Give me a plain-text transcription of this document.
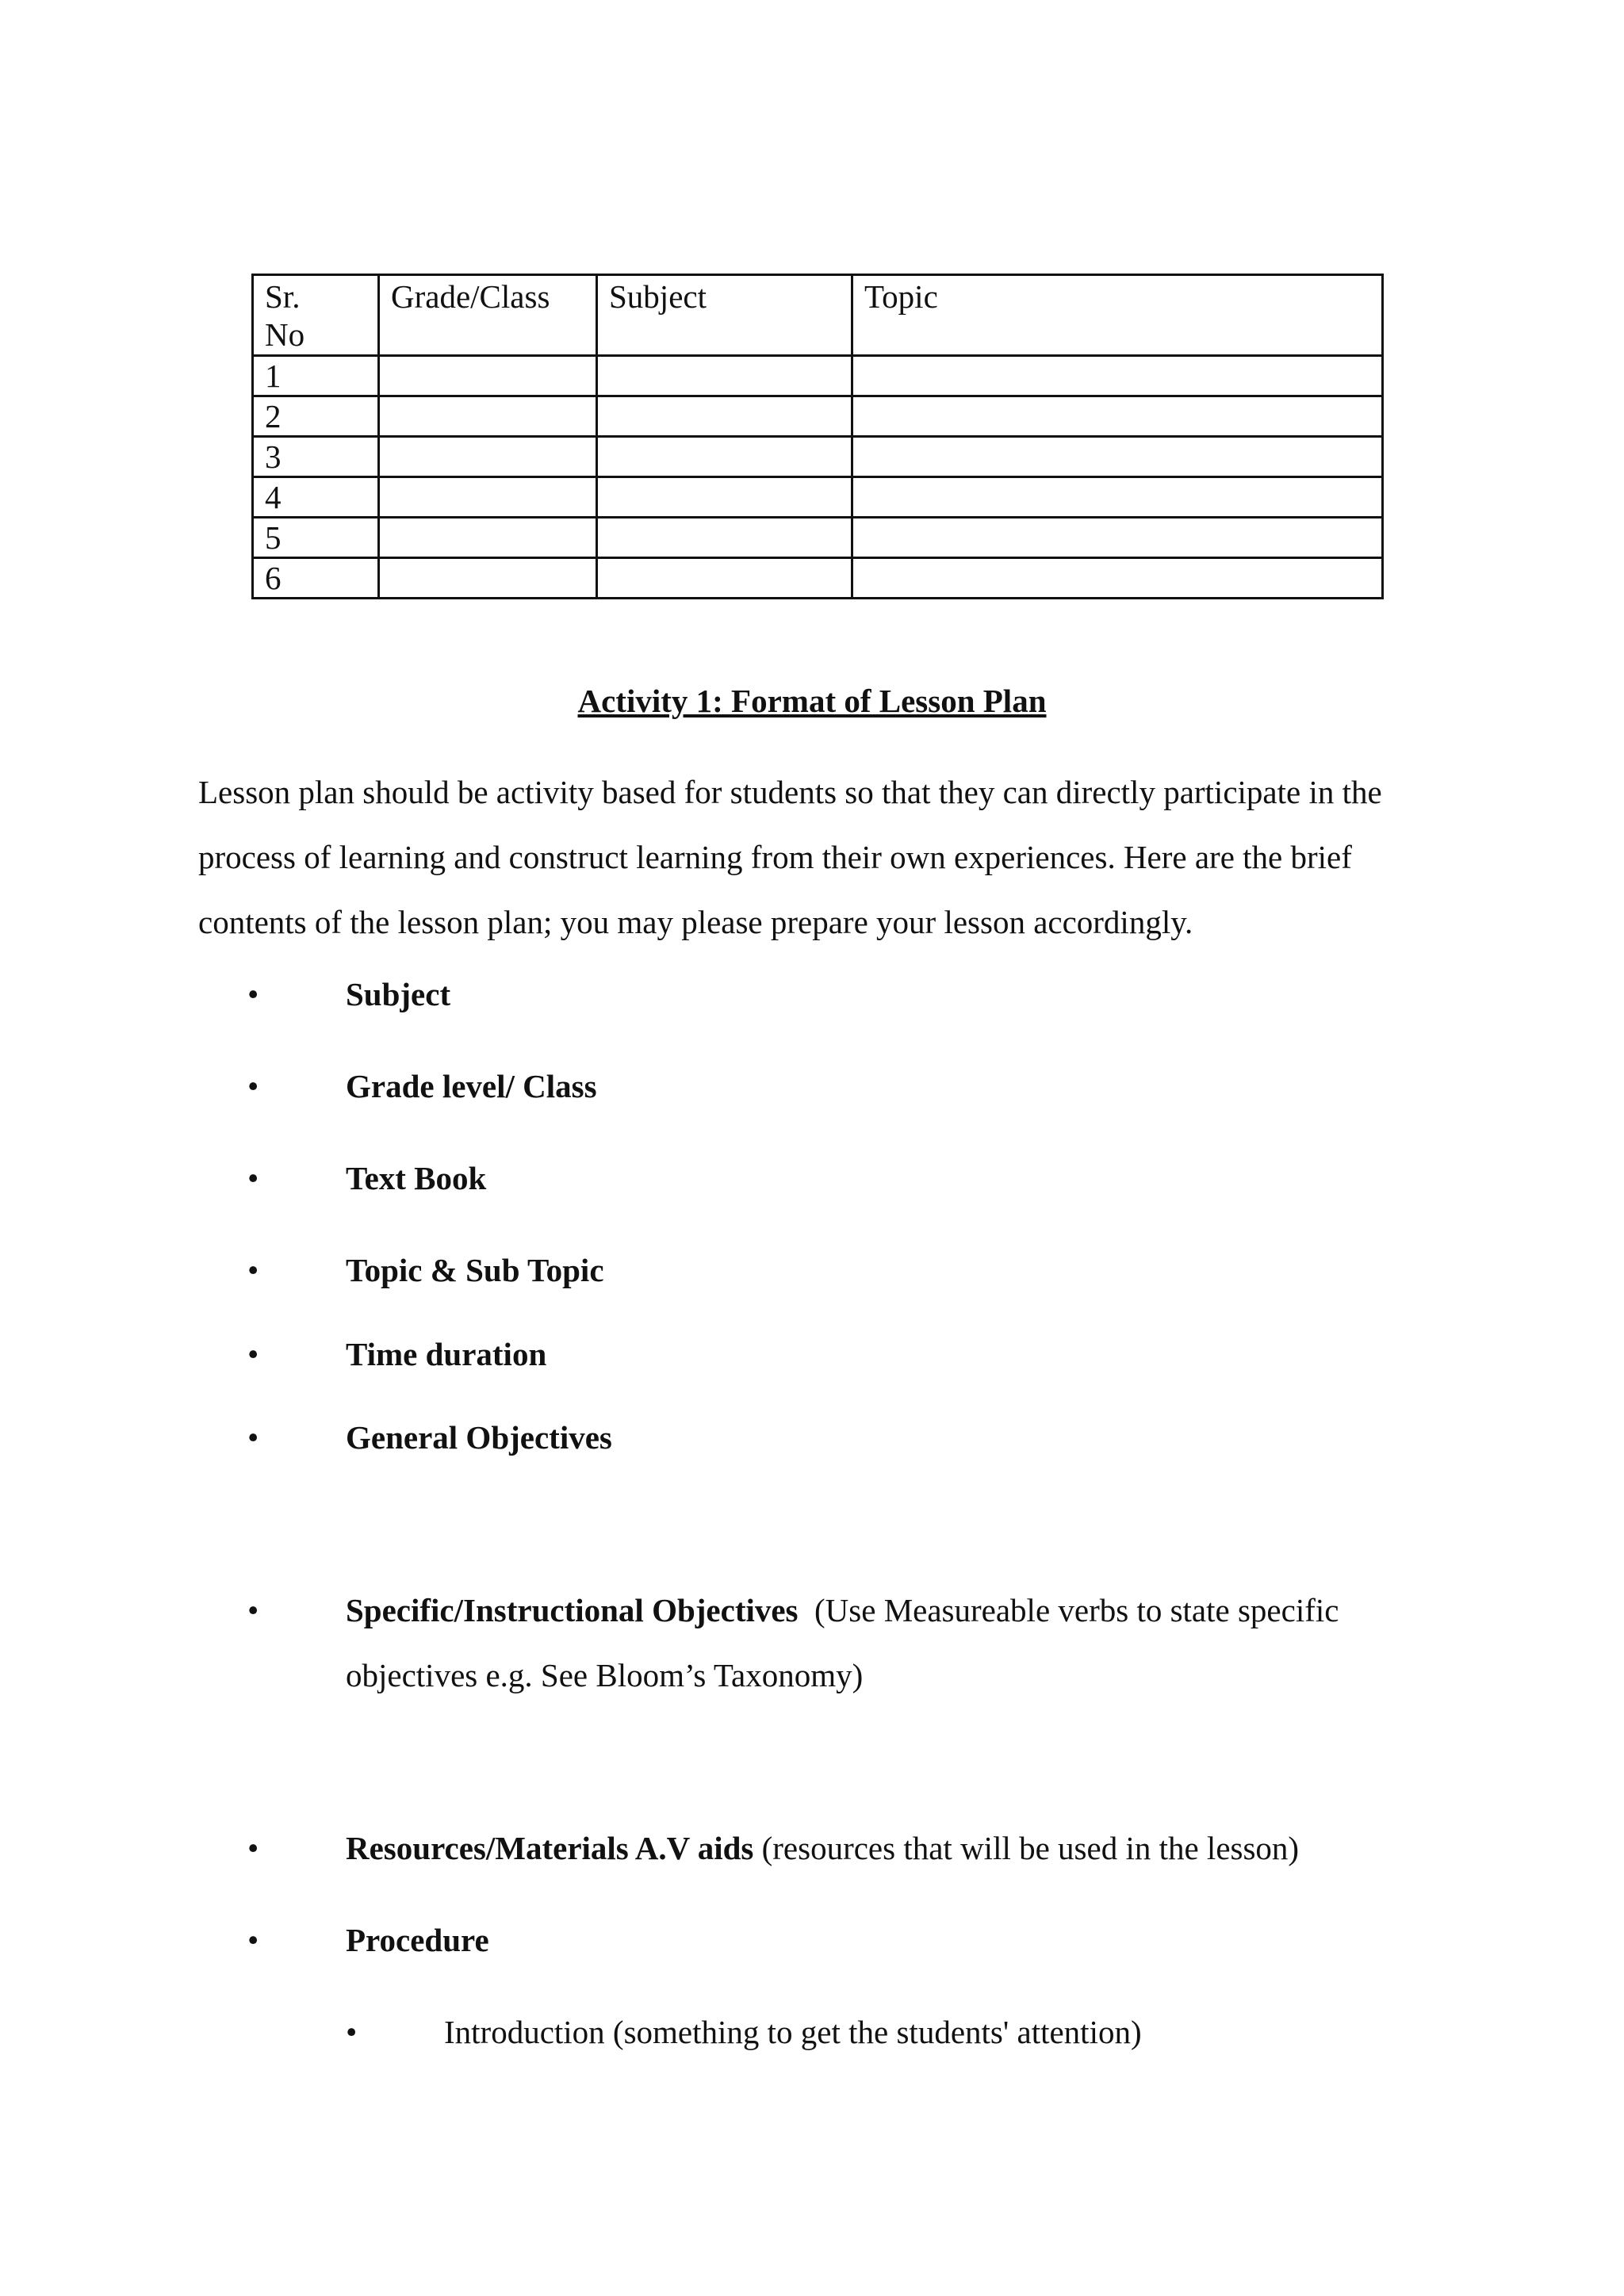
Sr.
No	Grade/Class	Subject	Topic
1			
2			
3			
4			
5			
6			
Activity 1: Format of Lesson Plan

Lesson plan should be activity based for students so that they can directly participate in the process of learning and construct learning from their own experiences. Here are the brief contents of the lesson plan; you may please prepare your lesson accordingly.

•	Subject
•	Grade level/ Class
•	Text Book
•	Topic & Sub Topic
•	Time duration
•	General Objectives
•	Specific/Instructional Objectives (Use Measureable verbs to state specific
objectives e.g. See Bloom’s Taxonomy)
•	Resources/Materials A.V aids (resources that will be used in the lesson)
•	Procedure
•	Introduction (something to get the students' attention)
